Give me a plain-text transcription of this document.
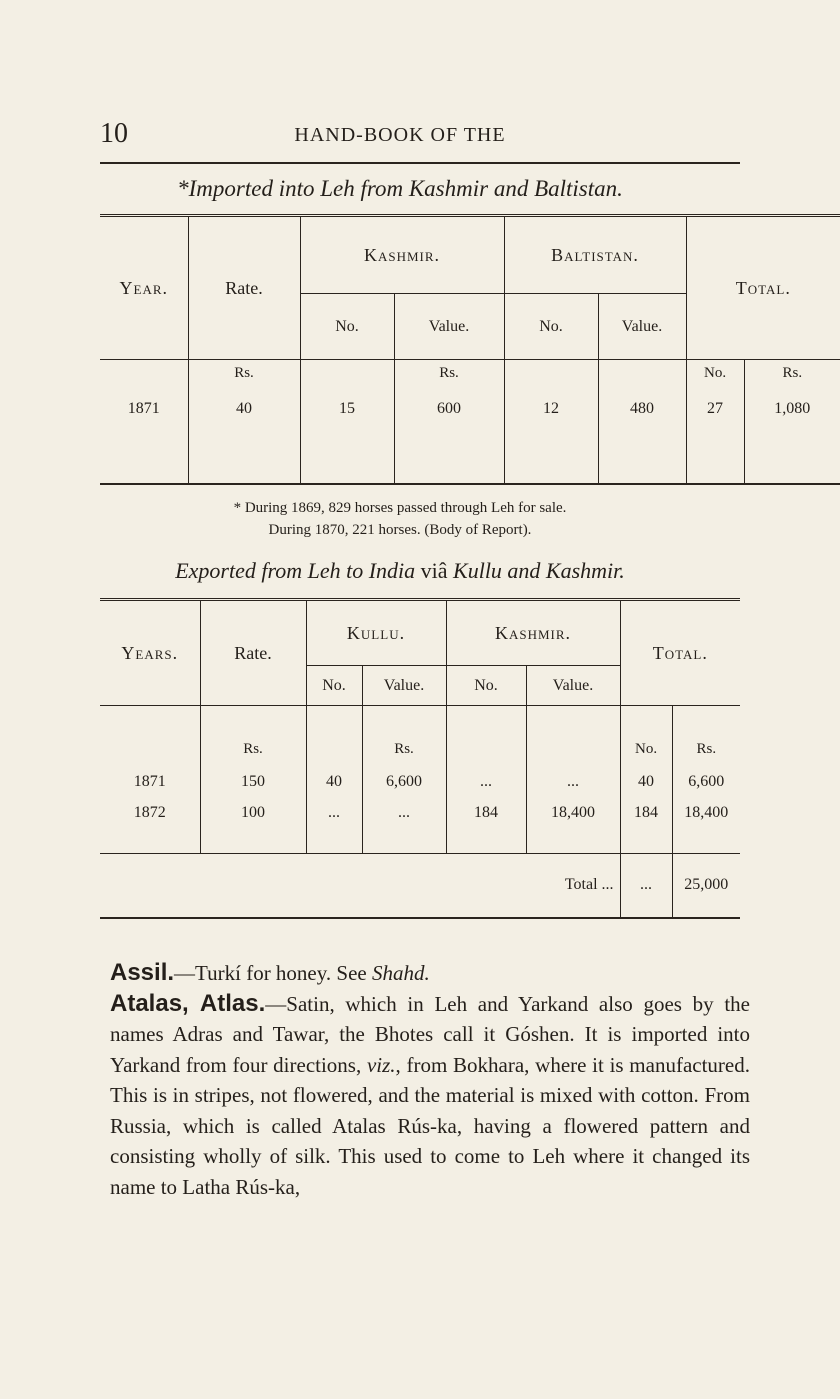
10	HAND-BOOK OF THE
*Imported into Leh from Kashmir and Baltistan.
Year.	Rate.	Kashmir.		Baltistan.		Total.	
		No.	Value.	No.	Value.		
	Rs.		Rs.			No.	Rs.
1871	40	15	600	12	480	27	1,080
* During 1869, 829 horses passed through Leh for sale.
During 1870, 221 horses. (Body of Report).
Exported from Leh to India viâ Kullu and Kashmir.
Years.	Rate.	Kullu.		Kashmir.		Total.	
		No.	Value.	No.	Value.		
	Rs.		Rs.			No.	Rs.
1871	150	40	6,600	...	...	40	6,600
1872	100	...	...	184	18,400	184	18,400
Total ...						...	25,000

Assil.—Turkí for honey. See Shahd.

Atalas, Atlas.—Satin, which in Leh and Yarkand also goes by the names Adras and Tawar, the Bhotes call it Góshen. It is imported into Yarkand from four directions, viz., from Bokhara, where it is manufactured. This is in stripes, not flowered, and the material is mixed with cotton. From Russia, which is called Atalas Rús-ka, having a flowered pattern and consisting wholly of silk. This used to come to Leh where it changed its name to Latha Rús-ka,
